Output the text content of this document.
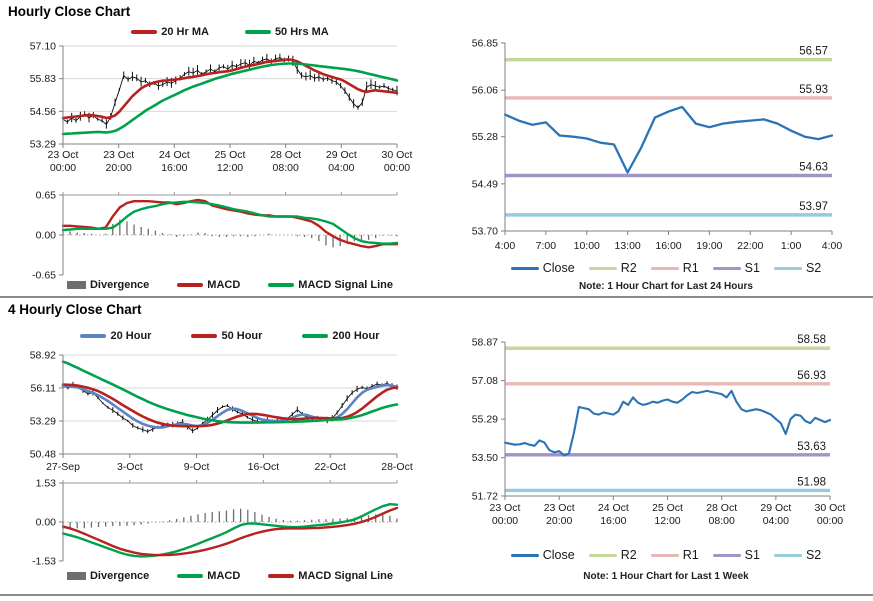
Hourly Close Chart
20 Hr MA	50 Hrs MA
57.10
55.83
54.56
53.29
23 Oct
00:00
23 Oct
20:00
24 Oct
16:00
25 Oct
12:00
28 Oct
08:00
29 Oct
04:00
30 Oct
00:00
0.65
0.00
-0.65
Divergence	MACD	MACD Signal Line
56.57
55.93
54.63
53.97
56.85
56.06
55.28
54.49
53.70
4:00 7:00 10:00 13:00 16:00 19:00 22:00 1:00 4:00
Close	R2	R1	S1	S2
Note: 1 Hour Chart for Last 24 Hours
4 Hourly Close Chart
20 Hour	50 Hour	200 Hour
58.92
56.11
53.29
50.48
27-Sep	3-Oct	9-Oct	16-Oct	22-Oct	28-Oct
1.53
0.00
-1.53
Divergence	MACD	MACD Signal Line
58.58
56.93
53.63
51.98
58.87
57.08
55.29
53.50
51.72
23 Oct
00:00
23 Oct
20:00
24 Oct
16:00
25 Oct
12:00
28 Oct
08:00
29 Oct
04:00
30 Oct
00:00
Close	R2	R1	S1	S2
Note: 1 Hour Chart for Last 1 Week
